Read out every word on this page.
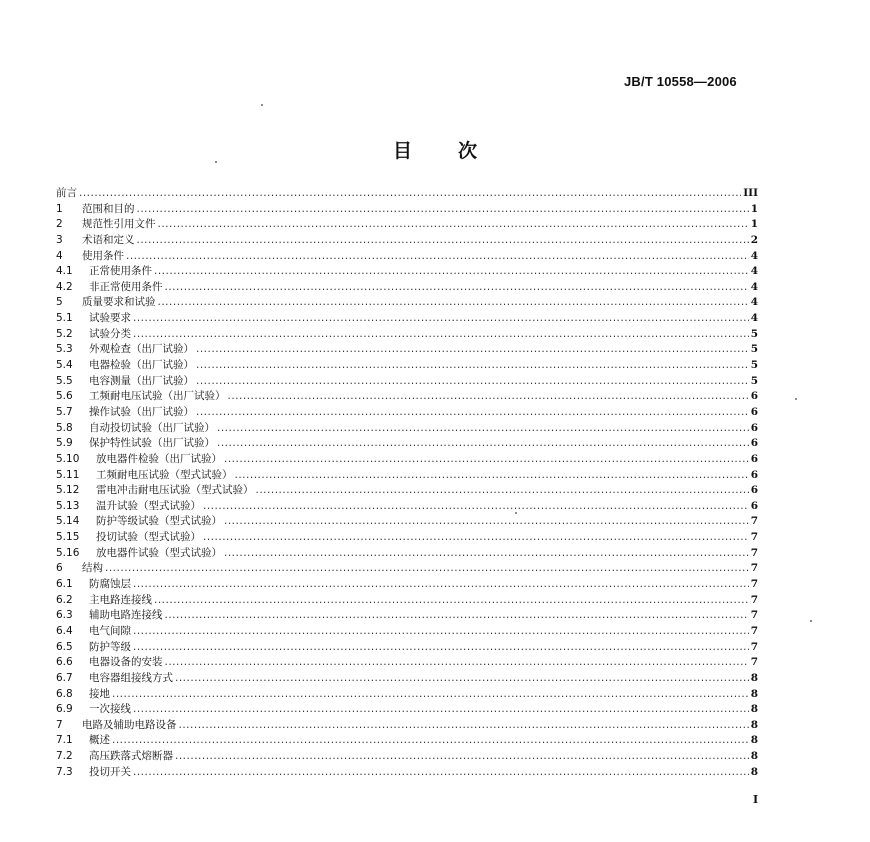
JB/T 10558—2006
目 次
前言 .....	III
1	范围和目的 .....	1
2	规范性引用文件 .....	1
3	术语和定义 .....	2
4	使用条件 .....	4
4.1	正常使用条件 .....	4
4.2	非正常使用条件 .....	4
5	质量要求和试验 .....	4
5.1	试验要求 .....	4
5.2	试验分类 .....	5
5.3	外观检查（出厂试验） .....	5
5.4	电器检验（出厂试验） .....	5
5.5	电容测量（出厂试验） .....	5
5.6	工频耐电压试验（出厂试验） .....	6
5.7	操作试验（出厂试验） .....	6
5.8	自动投切试验（出厂试验） .....	6
5.9	保护特性试验（出厂试验） .....	6
5.10	放电器件检验（出厂试验） .....	6
5.11	工频耐电压试验（型式试验） .....	6
5.12	雷电冲击耐电压试验（型式试验） .....	6
5.13	温升试验（型式试验） .....	6
5.14	防护等级试验（型式试验） .....	7
5.15	投切试验（型式试验） .....	7
5.16	放电器件试验（型式试验） .....	7
6	结构 .....	7
6.1	防腐蚀层 .....	7
6.2	主电路连接线 .....	7
6.3	辅助电路连接线 .....	7
6.4	电气间隙 .....	7
6.5	防护等级 .....	7
6.6	电器设备的安装 .....	7
6.7	电容器组接线方式 .....	8
6.8	接地 .....	8
6.9	一次接线 .....	8
7	电路及辅助电路设备 .....	8
7.1	概述 .....	8
7.2	高压跌落式熔断器 .....	8
7.3	投切开关 .....	8
I
